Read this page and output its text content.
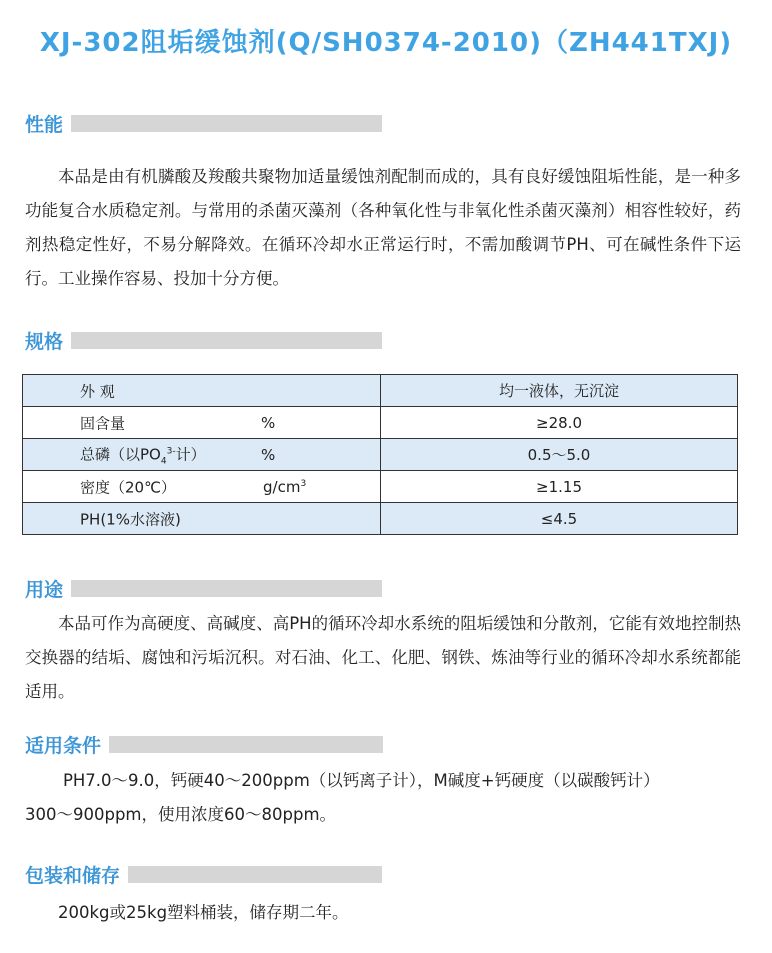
XJ-302阻垢缓蚀剂(Q/SH0374-2010)（ZH441TXJ)
性能
本品是由有机膦酸及羧酸共聚物加适量缓蚀剂配制而成的，具有良好缓蚀阻垢性能，是一种多功能复合水质稳定剂。与常用的杀菌灭藻剂（各种氧化性与非氧化性杀菌灭藻剂）相容性较好，药剂热稳定性好，不易分解降效。在循环冷却水正常运行时，不需加酸调节PH、可在碱性条件下运行。工业操作容易、投加十分方便。
规格
外 观	均一液体，无沉淀

固含量 %	≥28.0

总磷（以$PO_4^{3-}$计） %	0.5～5.0

密度（20℃） $g/cm^3$	≥1.15

PH(1%水溶液)	≤4.5
用途
本品可作为高硬度、高碱度、高PH的循环冷却水系统的阻垢缓蚀和分散剂，它能有效地控制热交换器的结垢、腐蚀和污垢沉积。对石油、化工、化肥、钢铁、炼油等行业的循环冷却水系统都能适用。
适用条件
PH7.0～9.0，钙硬40～200ppm（以钙离子计），M碱度+钙硬度（以碳酸钙计）
300～900ppm，使用浓度60～80ppm。
包装和储存
200kg或25kg塑料桶装，储存期二年。
